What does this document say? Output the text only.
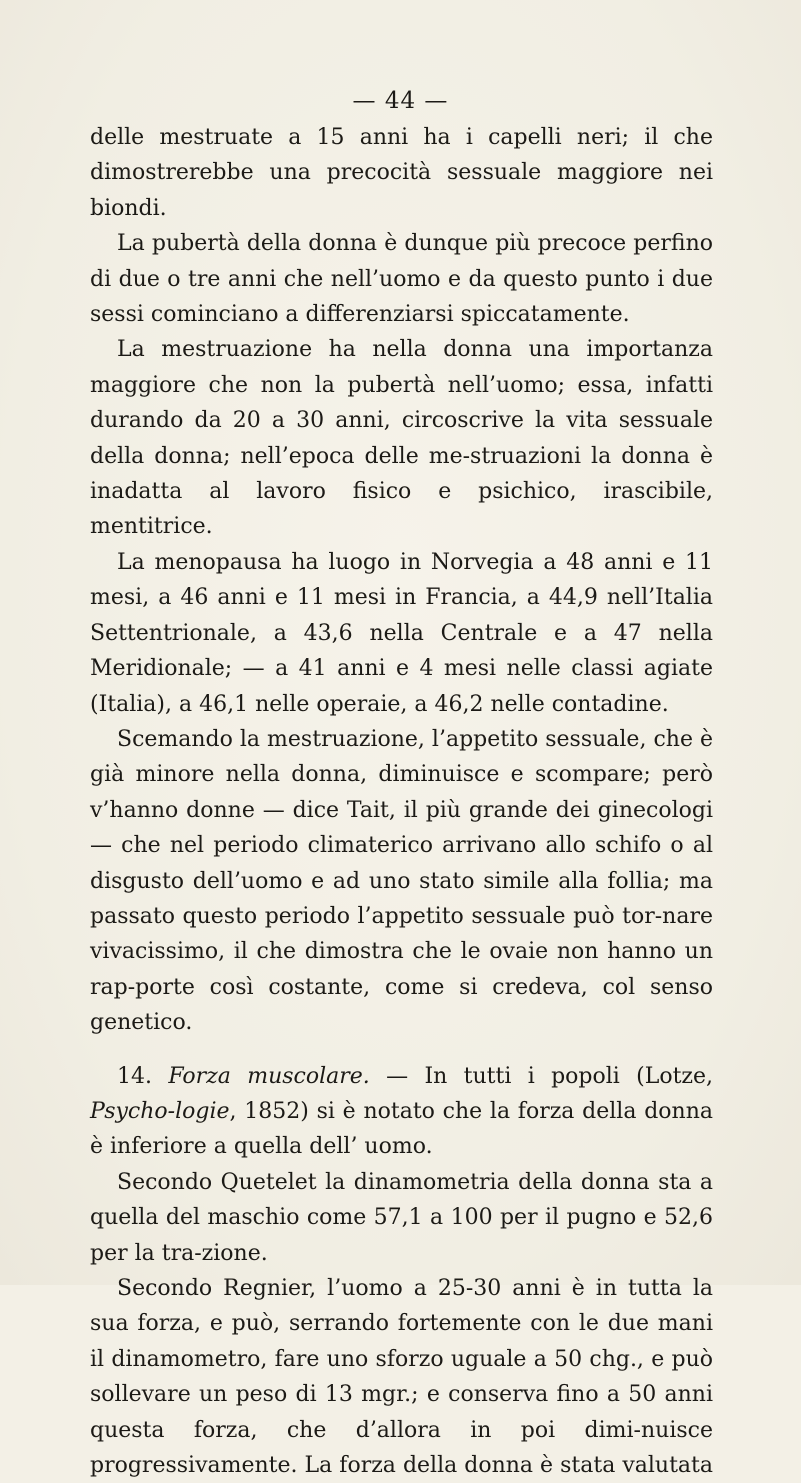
— 44 —

delle mestruate a 15 anni ha i capelli neri; il che dimostrerebbe una precocità sessuale maggiore nei biondi.

La pubertà della donna è dunque più precoce perfino di due o tre anni che nell’uomo e da questo punto i due sessi cominciano a differenziarsi spiccatamente.

La mestruazione ha nella donna una importanza maggiore che non la pubertà nell’uomo; essa, infatti durando da 20 a 30 anni, circoscrive la vita sessuale della donna; nell’epoca delle me-struazioni la donna è inadatta al lavoro fisico e psichico, irascibile, mentitrice.

La menopausa ha luogo in Norvegia a 48 anni e 11 mesi, a 46 anni e 11 mesi in Francia, a 44,9 nell’Italia Settentrionale, a 43,6 nella Centrale e a 47 nella Meridionale; — a 41 anni e 4 mesi nelle classi agiate (Italia), a 46,1 nelle operaie, a 46,2 nelle contadine.

Scemando la mestruazione, l’appetito sessuale, che è già minore nella donna, diminuisce e scompare; però v’hanno donne — dice Tait, il più grande dei ginecologi — che nel periodo climaterico arrivano allo schifo o al disgusto dell’uomo e ad uno stato simile alla follia; ma passato questo periodo l’appetito sessuale può tor-nare vivacissimo, il che dimostra che le ovaie non hanno un rap-porte così costante, come si credeva, col senso genetico.

14. Forza muscolare. — In tutti i popoli (Lotze, Psycho-logie, 1852) si è notato che la forza della donna è inferiore a quella dell’ uomo.

Secondo Quetelet la dinamometria della donna sta a quella del maschio come 57,1 a 100 per il pugno e 52,6 per la tra-zione.

Secondo Regnier, l’uomo a 25-30 anni è in tutta la sua forza, e può, serrando fortemente con le due mani il dinamometro, fare uno sforzo uguale a 50 chg., e può sollevare un peso di 13 mgr.; e conserva fino a 50 anni questa forza, che d’allora in poi dimi-nuisce progressivamente. La forza della donna è stata valutata
